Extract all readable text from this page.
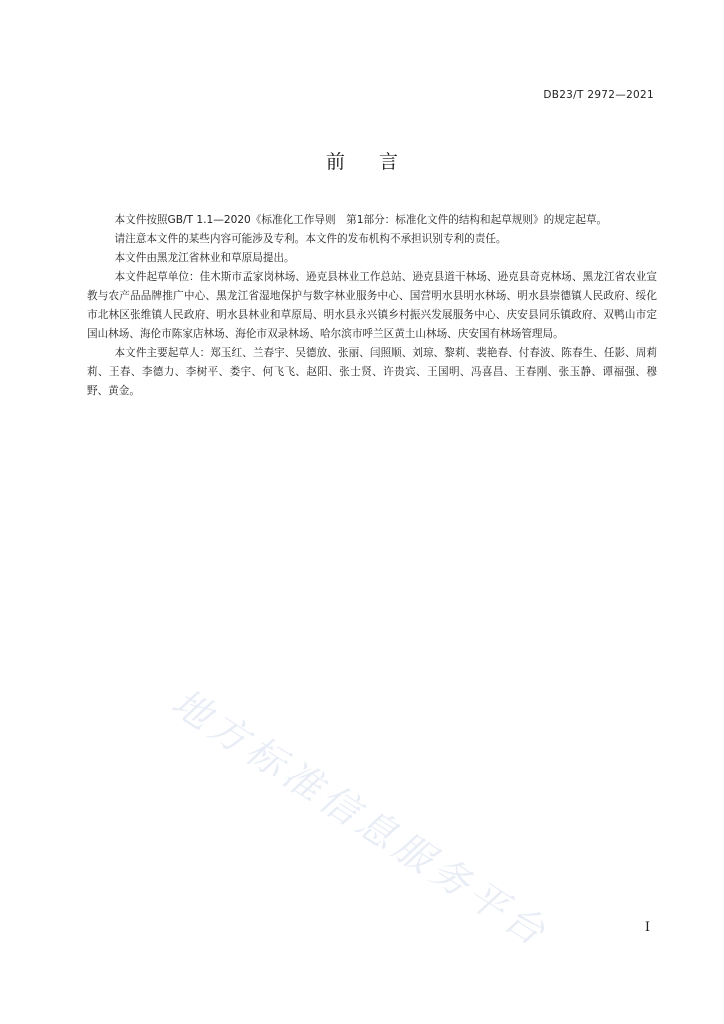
DB23/T 2972—2021
前言

本文件按照GB/T 1.1—2020《标准化工作导则　第1部分：标准化文件的结构和起草规则》的规定起草。

请注意本文件的某些内容可能涉及专利。本文件的发布机构不承担识别专利的责任。

本文件由黑龙江省林业和草原局提出。

本文件起草单位：佳木斯市孟家岗林场、逊克县林业工作总站、逊克县道干林场、逊克县奇克林场、黑龙江省农业宣教与农产品品牌推广中心、黑龙江省湿地保护与数字林业服务中心、国营明水县明水林场、明水县崇德镇人民政府、绥化市北林区张维镇人民政府、明水县林业和草原局、明水县永兴镇乡村振兴发展服务中心、庆安县同乐镇政府、双鸭山市定国山林场、海伦市陈家店林场、海伦市双录林场、哈尔滨市呼兰区黄土山林场、庆安国有林场管理局。

本文件主要起草人：郑玉红、兰春宇、吴德放、张丽、闫照顺、刘琼、黎莉、裴艳春、付春波、陈春生、任影、周莉莉、王春、李德力、李树平、娄宇、何飞飞、赵阳、张士贤、许贵宾、王国明、冯喜昌、王春刚、张玉静、谭福强、穆野、黄金。

地方标准信息服务平台	I
